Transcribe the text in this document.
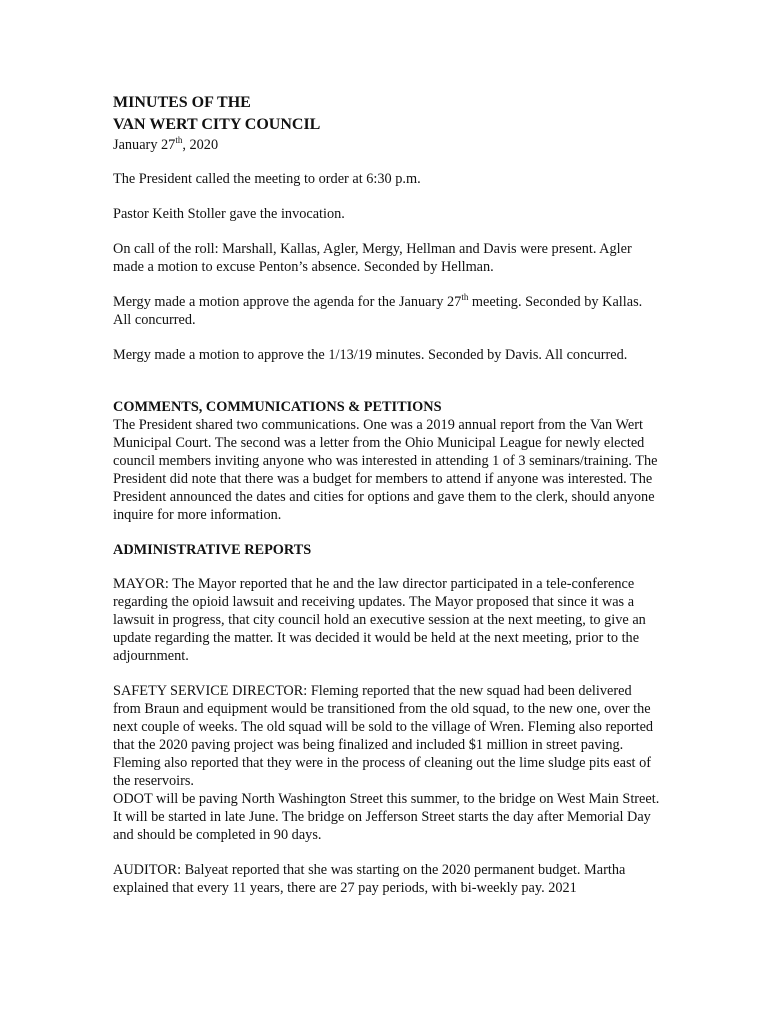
MINUTES OF THE
VAN WERT CITY COUNCIL
January 27th, 2020

The President called the meeting to order at 6:30 p.m.

Pastor Keith Stoller gave the invocation.

On call of the roll: Marshall, Kallas, Agler, Mergy, Hellman and Davis were present. Agler made a motion to excuse Penton’s absence. Seconded by Hellman.

Mergy made a motion approve the agenda for the January 27th meeting. Seconded by Kallas. All concurred.

Mergy made a motion to approve the 1/13/19 minutes. Seconded by Davis. All concurred.

COMMENTS, COMMUNICATIONS & PETITIONS

The President shared two communications. One was a 2019 annual report from the Van Wert Municipal Court. The second was a letter from the Ohio Municipal League for newly elected council members inviting anyone who was interested in attending 1 of 3 seminars/training. The President did note that there was a budget for members to attend if anyone was interested. The President announced the dates and cities for options and gave them to the clerk, should anyone inquire for more information.

ADMINISTRATIVE REPORTS

MAYOR: The Mayor reported that he and the law director participated in a tele-conference regarding the opioid lawsuit and receiving updates. The Mayor proposed that since it was a lawsuit in progress, that city council hold an executive session at the next meeting, to give an update regarding the matter. It was decided it would be held at the next meeting, prior to the adjournment.

SAFETY SERVICE DIRECTOR: Fleming reported that the new squad had been delivered from Braun and equipment would be transitioned from the old squad, to the new one, over the next couple of weeks. The old squad will be sold to the village of Wren. Fleming also reported that the 2020 paving project was being finalized and included $1 million in street paving. Fleming also reported that they were in the process of cleaning out the lime sludge pits east of the reservoirs.

ODOT will be paving North Washington Street this summer, to the bridge on West Main Street. It will be started in late June. The bridge on Jefferson Street starts the day after Memorial Day and should be completed in 90 days.

AUDITOR: Balyeat reported that she was starting on the 2020 permanent budget. Martha explained that every 11 years, there are 27 pay periods, with bi-weekly pay. 2021
